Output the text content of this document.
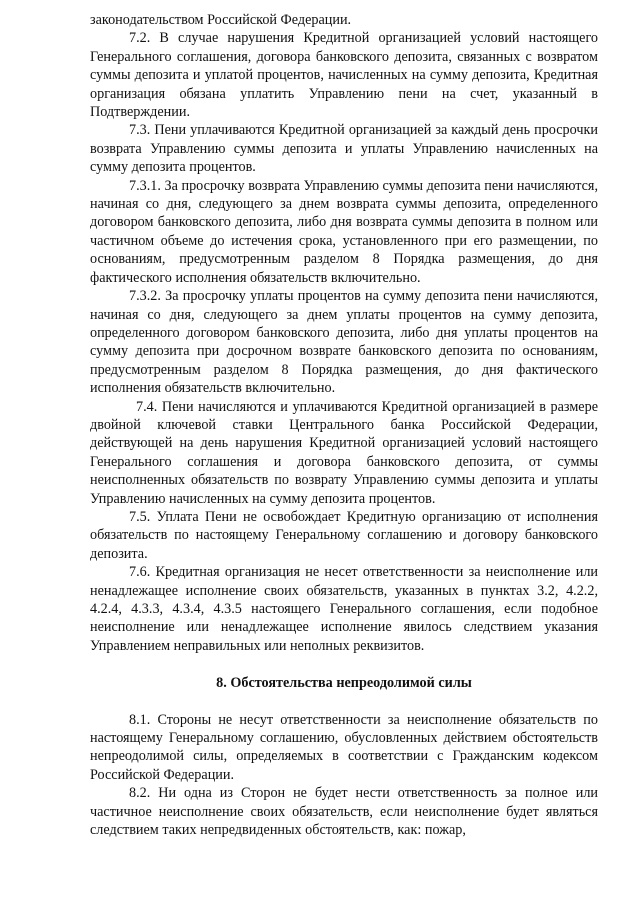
законодательством Российской Федерации.

7.2. В случае нарушения Кредитной организацией условий настоящего Генерального соглашения, договора банковского депозита, связанных с возвратом суммы депозита и уплатой процентов, начисленных на сумму депозита, Кредитная организация обязана уплатить Управлению пени на счет, указанный в Подтверждении.

7.3. Пени уплачиваются Кредитной организацией за каждый день просрочки возврата Управлению суммы депозита и уплаты Управлению начисленных на сумму депозита процентов.

7.3.1. За просрочку возврата Управлению суммы депозита пени начисляются, начиная со дня, следующего за днем возврата суммы депозита, определенного договором банковского депозита, либо дня возврата суммы депозита в полном или частичном объеме до истечения срока, установленного при его размещении, по основаниям, предусмотренным разделом 8 Порядка размещения, до дня фактического исполнения обязательств включительно.

7.3.2. За просрочку уплаты процентов на сумму депозита пени начисляются, начиная со дня, следующего за днем уплаты процентов на сумму депозита, определенного договором банковского депозита, либо дня уплаты процентов на сумму депозита при досрочном возврате банковского депозита по основаниям, предусмотренным разделом 8 Порядка размещения, до дня фактического исполнения обязательств включительно.

7.4. Пени начисляются и уплачиваются Кредитной организацией в размере двойной ключевой ставки Центрального банка Российской Федерации, действующей на день нарушения Кредитной организацией условий настоящего Генерального соглашения и договора банковского депозита, от суммы неисполненных обязательств по возврату Управлению суммы депозита и уплаты Управлению начисленных на сумму депозита процентов.

7.5. Уплата Пени не освобождает Кредитную организацию от исполнения обязательств по настоящему Генеральному соглашению и договору банковского депозита.

7.6. Кредитная организация не несет ответственности за неисполнение или ненадлежащее исполнение своих обязательств, указанных в пунктах 3.2, 4.2.2, 4.2.4, 4.3.3, 4.3.4, 4.3.5 настоящего Генерального соглашения, если подобное неисполнение или ненадлежащее исполнение явилось следствием указания Управлением неправильных или неполных реквизитов.

8. Обстоятельства непреодолимой силы

8.1. Стороны не несут ответственности за неисполнение обязательств по настоящему Генеральному соглашению, обусловленных действием обстоятельств непреодолимой силы, определяемых в соответствии с Гражданским кодексом Российской Федерации.

8.2. Ни одна из Сторон не будет нести ответственность за полное или частичное неисполнение своих обязательств, если неисполнение будет являться следствием таких непредвиденных обстоятельств, как: пожар,
